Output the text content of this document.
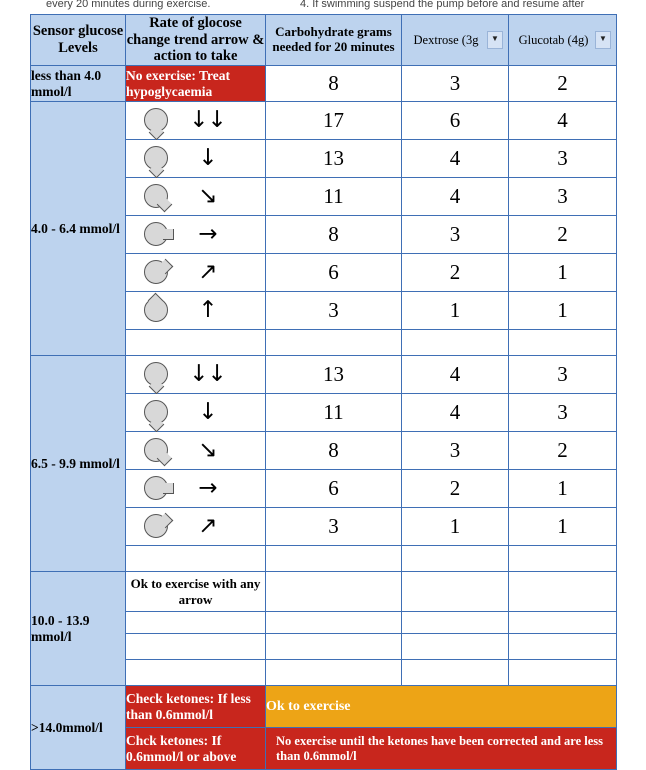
every 20 minutes during exercise.	4. If swimming suspend the pump before and resume after
Sensor glucose Levels	Rate of glocose change trend arrow & action to take	Carbohydrate grams needed for 20 minutes	Dextrose (3g ▼	Glucotab (4g) ▼

less than 4.0 mmol/l	No exercise: Treat hypoglycaemia	8	3	2
4.0 - 6.4 mmol/l	↓↓	17	6	4

	↓	13	4	3

	↘	11	4	3

	→	8	3	2

	↗	6	2	1

	↑	3	1	1

6.5 - 9.9 mmol/l	↓↓	13	4	3

	↓	11	4	3

	↘	8	3	2

	→	6	2	1

	↗	3	1	1

10.0 - 13.9 mmol/l	Ok to exercise with any arrow			

>14.0mmol/l	Check ketones: If less than 0.6mmol/l	Ok to exercise		
	Chck ketones: If 0.6mmol/l or above	No exercise until the ketones have been corrected and are less than 0.6mmol/l		
